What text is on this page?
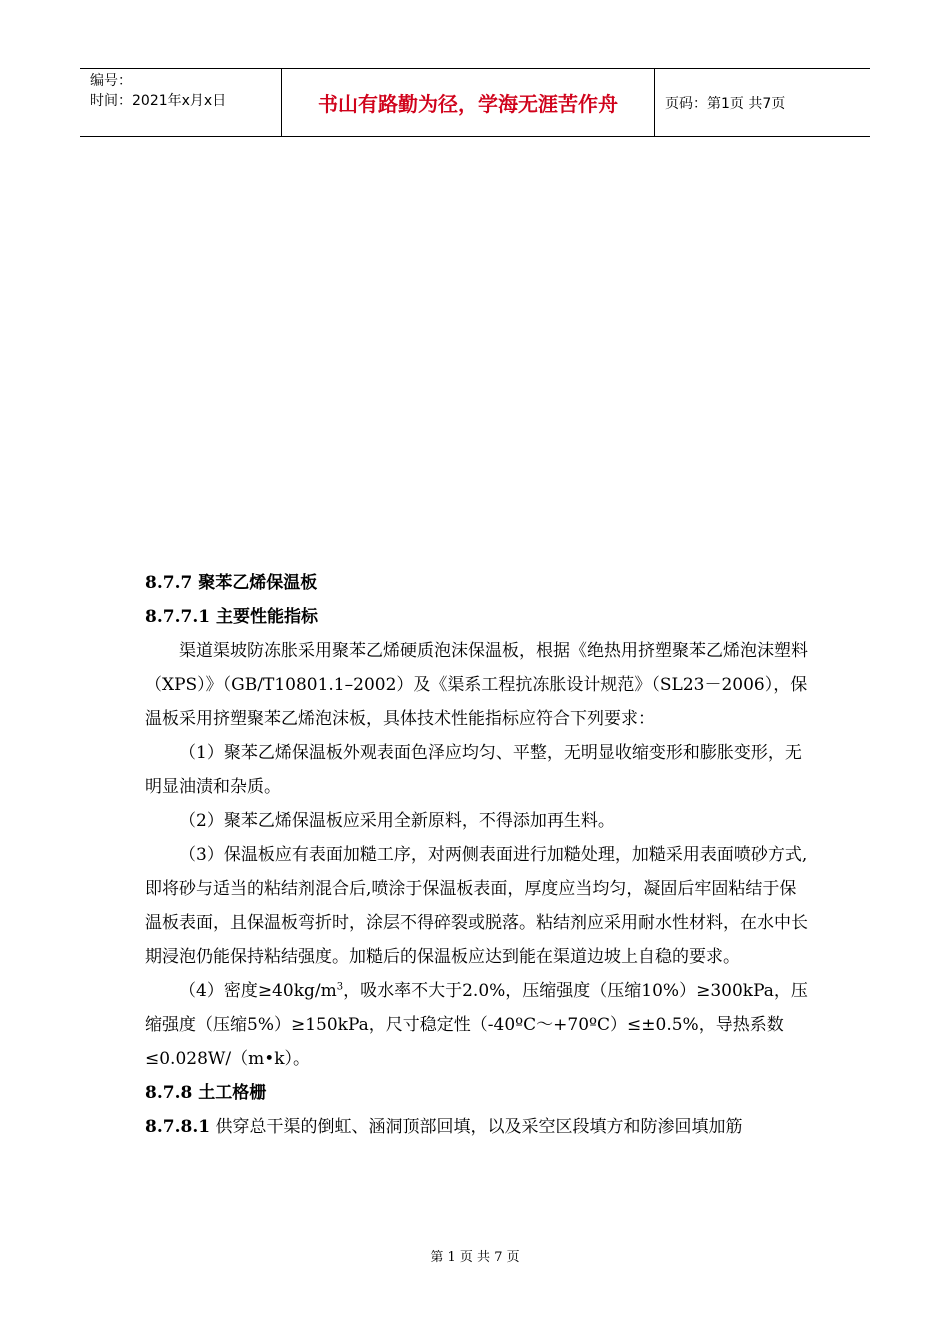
编号：
时间：2021年x月x日	书山有路勤为径，学海无涯苦作舟	页码：第1页 共7页

8.7.7 聚苯乙烯保温板

8.7.7.1 主要性能指标

渠道渠坡防冻胀采用聚苯乙烯硬质泡沫保温板，根据《绝热用挤塑聚苯乙烯泡沫塑料（XPS）》（GB/T10801.1–2002）及《渠系工程抗冻胀设计规范》（SL23－2006），保温板采用挤塑聚苯乙烯泡沫板，具体技术性能指标应符合下列要求：

（1）聚苯乙烯保温板外观表面色泽应均匀、平整，无明显收缩变形和膨胀变形，无明显油渍和杂质。

（2）聚苯乙烯保温板应采用全新原料，不得添加再生料。

（3）保温板应有表面加糙工序，对两侧表面进行加糙处理，加糙采用表面喷砂方式,即将砂与适当的粘结剂混合后,喷涂于保温板表面，厚度应当均匀，凝固后牢固粘结于保温板表面，且保温板弯折时，涂层不得碎裂或脱落。粘结剂应采用耐水性材料，在水中长期浸泡仍能保持粘结强度。加糙后的保温板应达到能在渠道边坡上自稳的要求。

（4）密度$\ge 40kg/m^3$，吸水率不大于2.0%，压缩强度（压缩10%）≥300kPa，压缩强度（压缩5%）≥150kPa，尺寸稳定性（-40ºC～+70ºC）≤±0.5%，导热系数≤0.028W/（m•k）。

8.7.8 土工格栅

8.7.8.1 供穿总干渠的倒虹、涵洞顶部回填，以及采空区段填方和防渗回填加筋

第 1 页 共 7 页
